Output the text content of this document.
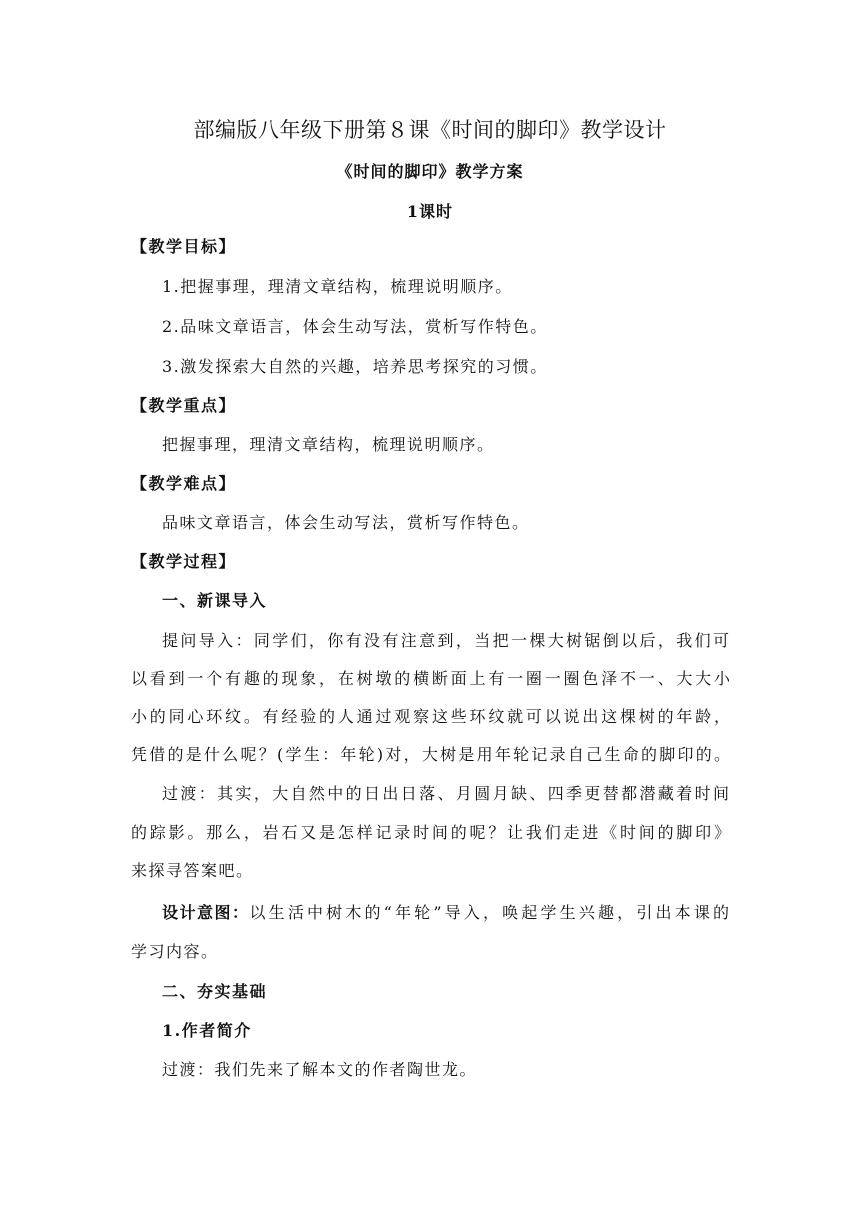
部编版八年级下册第８课《时间的脚印》教学设计
《时间的脚印》教学方案
1课时
【教学目标】
1.把握事理，理清文章结构，梳理说明顺序。
2.品味文章语言，体会生动写法，赏析写作特色。
3.激发探索大自然的兴趣，培养思考探究的习惯。
【教学重点】
把握事理，理清文章结构，梳理说明顺序。
【教学难点】
品味文章语言，体会生动写法，赏析写作特色。
【教学过程】
一、新课导入
提问导入：同学们，你有没有注意到，当把一棵大树锯倒以后，我们可
以看到一个有趣的现象，在树墩的横断面上有一圈一圈色泽不一、大大小
小的同心环纹。有经验的人通过观察这些环纹就可以说出这棵树的年龄，
凭借的是什么呢？(学生：年轮)对，大树是用年轮记录自己生命的脚印的。
过渡：其实，大自然中的日出日落、月圆月缺、四季更替都潜藏着时间
的踪影。那么，岩石又是怎样记录时间的呢？让我们走进《时间的脚印》
来探寻答案吧。
设计意图： 以生活中树木的“年轮”导入，唤起学生兴趣，引出本课的
学习内容。
二、夯实基础
1.作者简介
过渡：我们先来了解本文的作者陶世龙。
